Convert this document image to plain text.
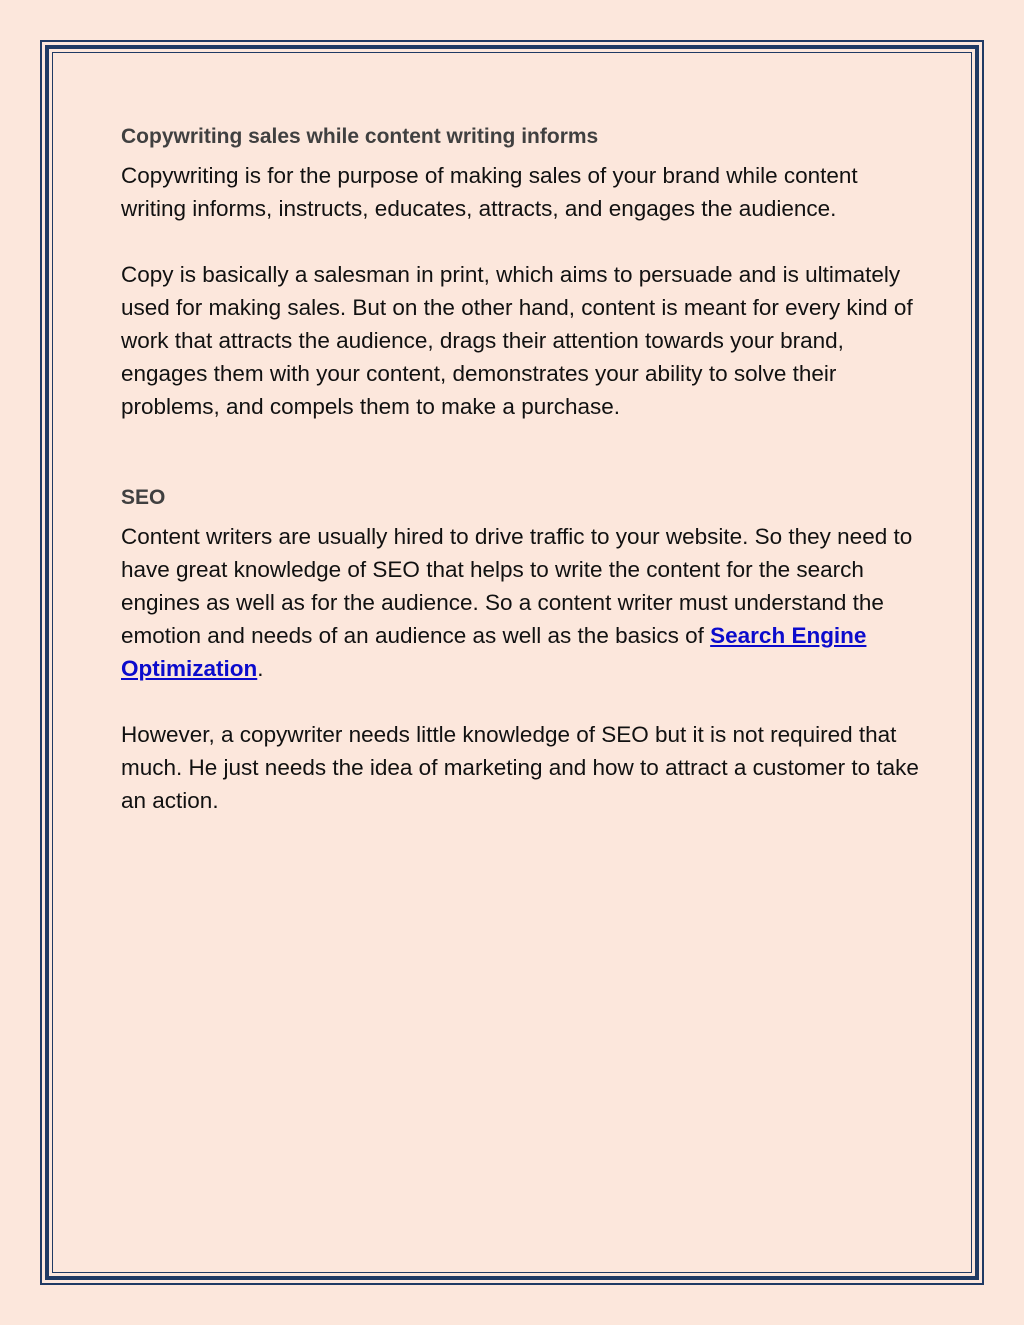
Copywriting sales while content writing informs

Copywriting is for the purpose of making sales of your brand while content writing informs, instructs, educates, attracts, and engages the audience.

Copy is basically a salesman in print, which aims to persuade and is ultimately used for making sales. But on the other hand, content is meant for every kind of work that attracts the audience, drags their attention towards your brand, engages them with your content, demonstrates your ability to solve their problems, and compels them to make a purchase.

SEO

Content writers are usually hired to drive traffic to your website. So they need to have great knowledge of SEO that helps to write the content for the search engines as well as for the audience. So a content writer must understand the emotion and needs of an audience as well as the basics of Search Engine Optimization.

However, a copywriter needs little knowledge of SEO but it is not required that much. He just needs the idea of marketing and how to attract a customer to take an action.
